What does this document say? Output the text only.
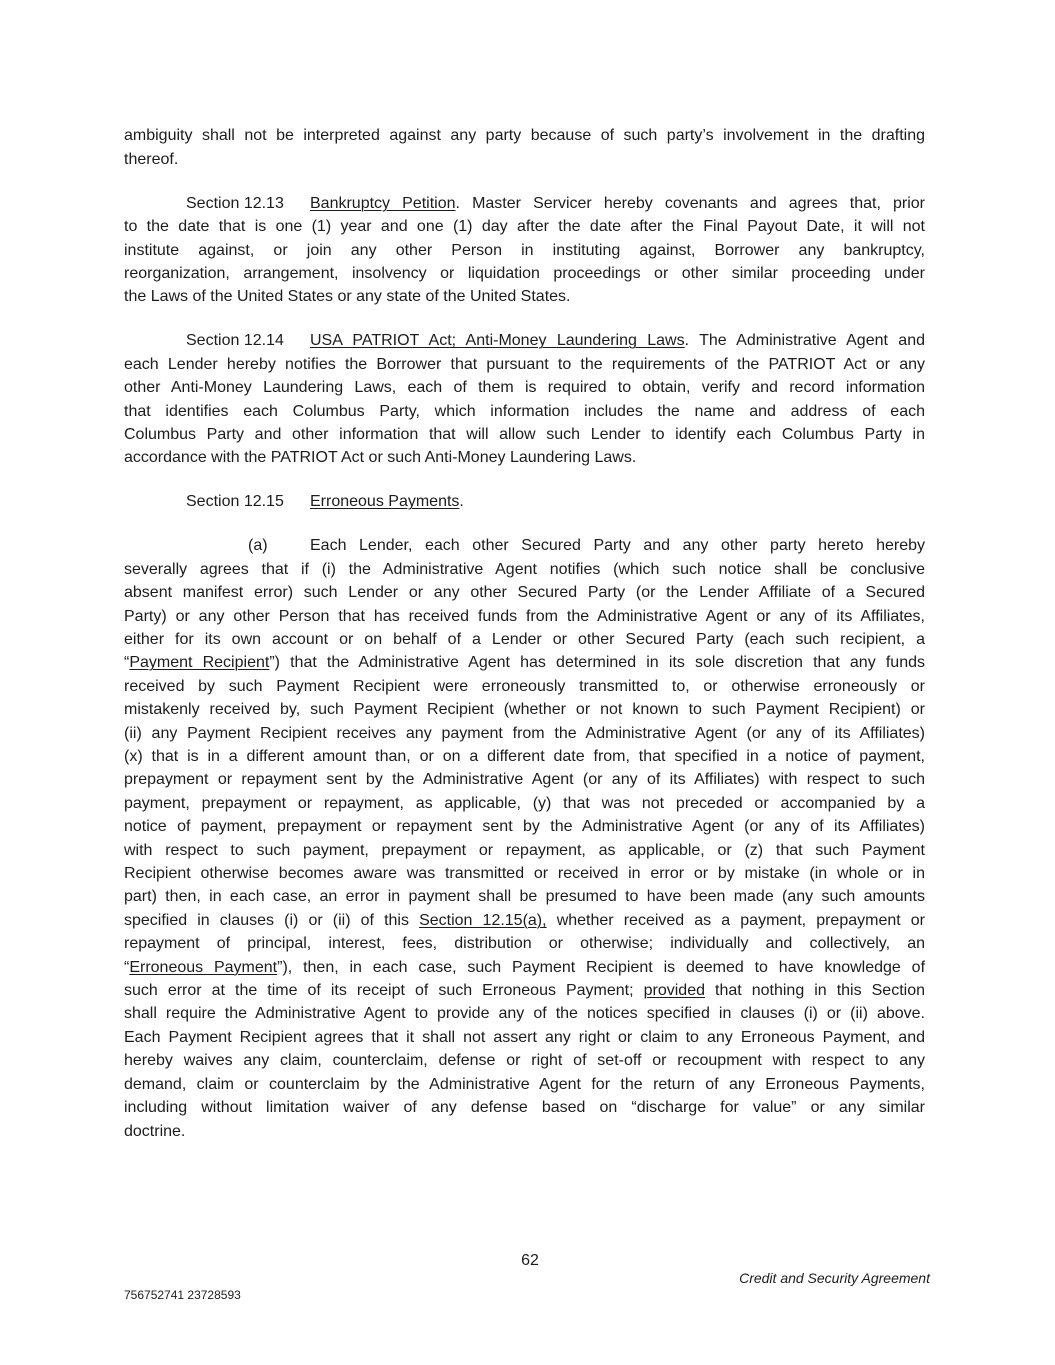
ambiguity shall not be interpreted against any party because of such party’s involvement in the drafting
thereof.
Section 12.13 Bankruptcy Petition. Master Servicer hereby covenants and agrees that, prior
to the date that is one (1) year and one (1) day after the date after the Final Payout Date, it will not
institute against, or join any other Person in instituting against, Borrower any bankruptcy,
reorganization, arrangement, insolvency or liquidation proceedings or other similar proceeding under
the Laws of the United States or any state of the United States.
Section 12.14 USA PATRIOT Act; Anti-Money Laundering Laws. The Administrative Agent and
each Lender hereby notifies the Borrower that pursuant to the requirements of the PATRIOT Act or any
other Anti-Money Laundering Laws, each of them is required to obtain, verify and record information
that identifies each Columbus Party, which information includes the name and address of each
Columbus Party and other information that will allow such Lender to identify each Columbus Party in
accordance with the PATRIOT Act or such Anti-Money Laundering Laws.
Section 12.15 Erroneous Payments.
(a)	Each Lender, each other Secured Party and any other party hereto hereby
severally agrees that if (i) the Administrative Agent notifies (which such notice shall be conclusive
absent manifest error) such Lender or any other Secured Party (or the Lender Affiliate of a Secured
Party) or any other Person that has received funds from the Administrative Agent or any of its Affiliates,
either for its own account or on behalf of a Lender or other Secured Party (each such recipient, a
“Payment Recipient”) that the Administrative Agent has determined in its sole discretion that any funds
received by such Payment Recipient were erroneously transmitted to, or otherwise erroneously or
mistakenly received by, such Payment Recipient (whether or not known to such Payment Recipient) or
(ii) any Payment Recipient receives any payment from the Administrative Agent (or any of its Affiliates)
(x) that is in a different amount than, or on a different date from, that specified in a notice of payment,
prepayment or repayment sent by the Administrative Agent (or any of its Affiliates) with respect to such
payment, prepayment or repayment, as applicable, (y) that was not preceded or accompanied by a
notice of payment, prepayment or repayment sent by the Administrative Agent (or any of its Affiliates)
with respect to such payment, prepayment or repayment, as applicable, or (z) that such Payment
Recipient otherwise becomes aware was transmitted or received in error or by mistake (in whole or in
part) then, in each case, an error in payment shall be presumed to have been made (any such amounts
specified in clauses (i) or (ii) of this Section 12.15(a), whether received as a payment, prepayment or
repayment of principal, interest, fees, distribution or otherwise; individually and collectively, an
“Erroneous Payment”), then, in each case, such Payment Recipient is deemed to have knowledge of
such error at the time of its receipt of such Erroneous Payment; provided that nothing in this Section
shall require the Administrative Agent to provide any of the notices specified in clauses (i) or (ii) above.
Each Payment Recipient agrees that it shall not assert any right or claim to any Erroneous Payment, and
hereby waives any claim, counterclaim, defense or right of set-off or recoupment with respect to any
demand, claim or counterclaim by the Administrative Agent for the return of any Erroneous Payments,
including without limitation waiver of any defense based on “discharge for value” or any similar
doctrine.
62
Credit and Security Agreement
756752741 23728593
